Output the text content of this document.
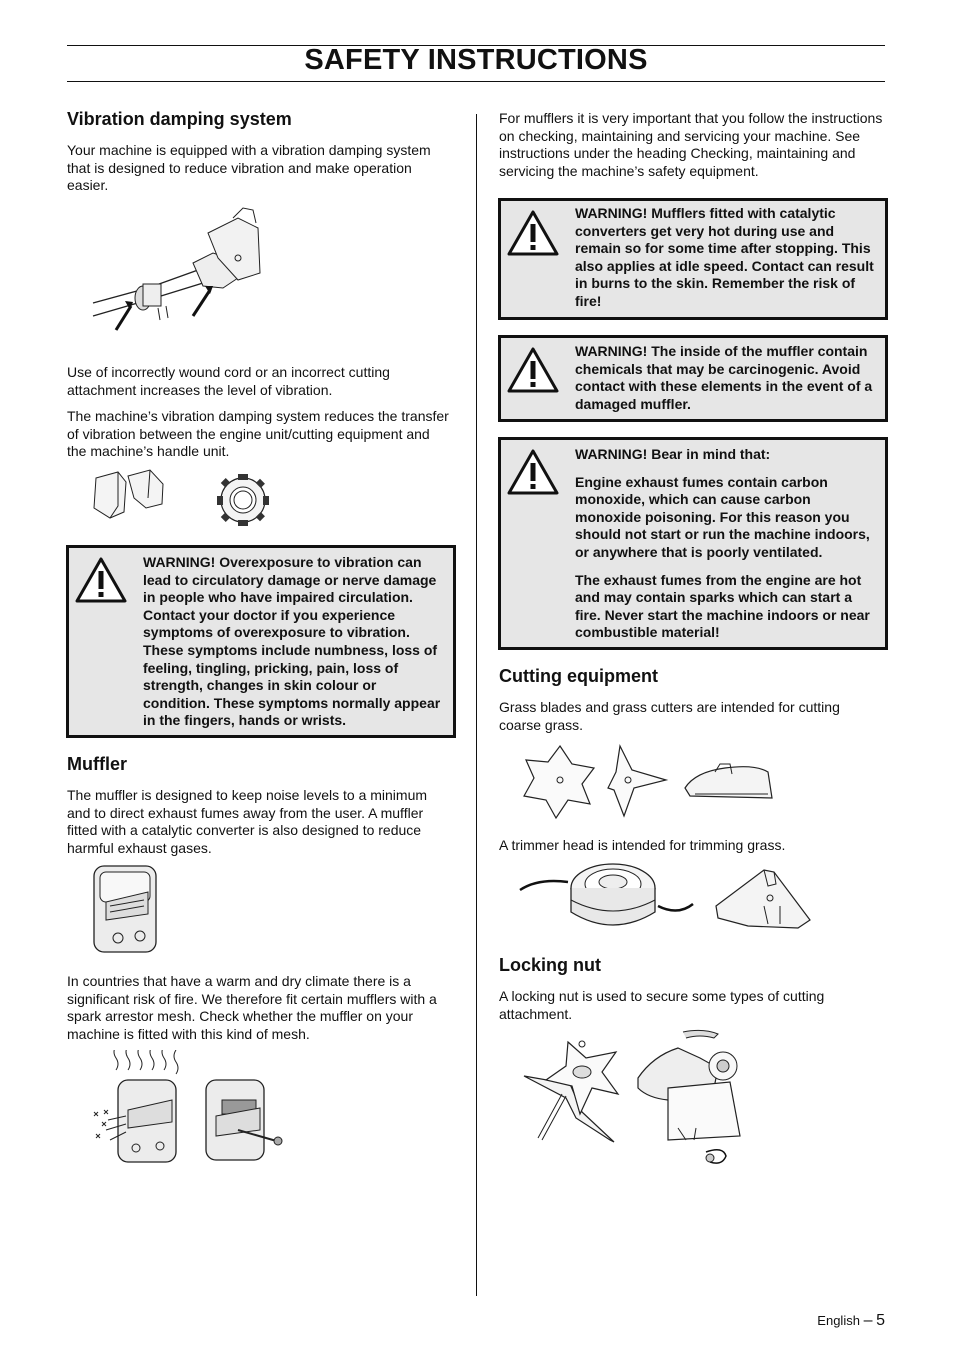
SAFETY INSTRUCTIONS
Vibration damping system

Your machine is equipped with a vibration damping system that is designed to reduce vibration and make operation easier.

Use of incorrectly wound cord or an incorrect cutting attachment increases the level of vibration.

The machine’s vibration damping system reduces the transfer of vibration between the engine unit/cutting equipment and the machine’s handle unit.

WARNING! Overexposure to vibration can lead to circulatory damage or nerve damage in people who have impaired circulation. Contact your doctor if you experience symptoms of overexposure to vibration. These symptoms include numbness, loss of feeling, tingling, pricking, pain, loss of strength, changes in skin colour or condition. These symptoms normally appear in the fingers, hands or wrists.

Muffler

The muffler is designed to keep noise levels to a minimum and to direct exhaust fumes away from the user. A muffler fitted with a catalytic converter is also designed to reduce harmful exhaust gases.

In countries that have a warm and dry climate there is a significant risk of fire. We therefore fit certain mufflers with a spark arrestor mesh. Check whether the muffler on your machine is fitted with this kind of mesh.

For mufflers it is very important that you follow the instructions on checking, maintaining and servicing your machine. See instructions under the heading Checking, maintaining and servicing the machine’s safety equipment.

WARNING! Mufflers fitted with catalytic converters get very hot during use and remain so for some time after stopping. This also applies at idle speed. Contact can result in burns to the skin. Remember the risk of fire!

WARNING! The inside of the muffler contain chemicals that may be carcinogenic. Avoid contact with these elements in the event of a damaged muffler.

WARNING! Bear in mind that:

Engine exhaust fumes contain carbon monoxide, which can cause carbon monoxide poisoning. For this reason you should not start or run the machine indoors, or anywhere that is poorly ventilated.

The exhaust fumes from the engine are hot and may contain sparks which can start a fire. Never start the machine indoors or near combustible material!

Cutting equipment

Grass blades and grass cutters are intended for cutting coarse grass.

A trimmer head is intended for trimming grass.

Locking nut

A locking nut is used to secure some types of cutting attachment.

English – 5
